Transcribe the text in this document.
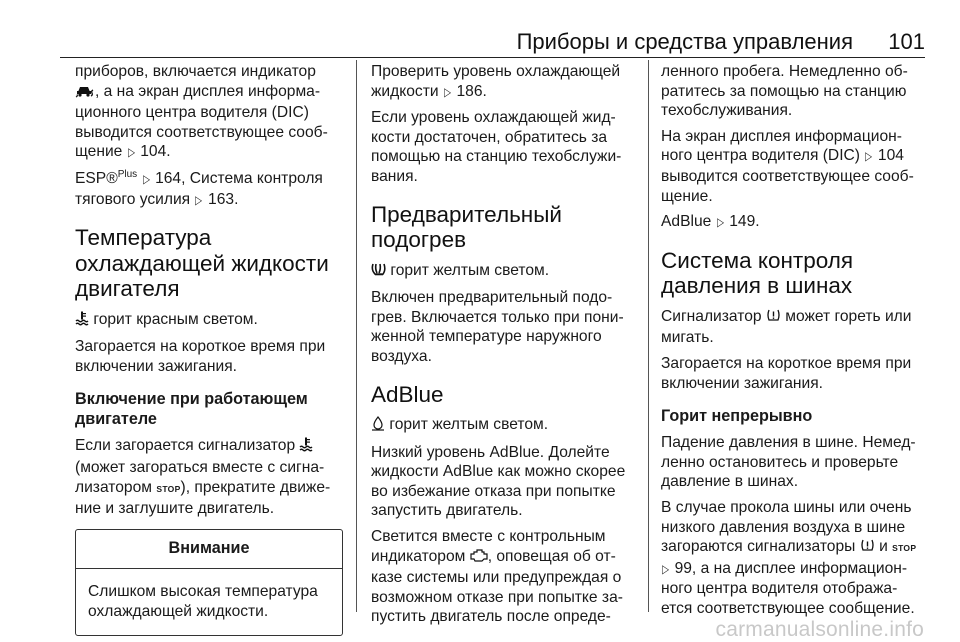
Приборы и средства управления 101

приборов, включается индикатор
, а на экран дисплея информа-
ционного центра водителя (DIC)
выводится соответствующее сооб-
щение ▷ 104.

ESP®$^{Plus}$ ▷ 164, Система контроля
тягового усилия ▷ 163.

Температура
охлаждающей жидкости
двигателя

горит красным светом.

Загорается на короткое время при
включении зажигания.

Включение при работающем
двигателе

Если загорается сигнализатор
(может загораться вместе с сигна-
лизатором STOP), прекратите движе-
ние и заглушите двигатель.

Внимание
Слишком высокая температура
охлаждающей жидкости.

Проверить уровень охлаждающей
жидкости ▷ 186.

Если уровень охлаждающей жид-
кости достаточен, обратитесь за
помощью на станцию техобслужи-
вания.

Предварительный
подогрев

горит желтым светом.

Включен предварительный подо-
грев. Включается только при пони-
женной температуре наружного
воздуха.

AdBlue

горит желтым светом.

Низкий уровень AdBlue. Долейте
жидкости AdBlue как можно скорее
во избежание отказа при попытке
запустить двигатель.

Светится вместе с контрольным
индикатором , оповещая об от-
казе системы или предупреждая о
возможном отказе при попытке за-
пустить двигатель после опреде-

ленного пробега. Немедленно об-
ратитесь за помощью на станцию
техобслуживания.

На экран дисплея информацион-
ного центра водителя (DIC) ▷ 104
выводится соответствующее сооб-
щение.

AdBlue ▷ 149.

Система контроля
давления в шинах

Сигнализатор может гореть или
мигать.

Загорается на короткое время при
включении зажигания.

Горит непрерывно

Падение давления в шине. Немед-
ленно остановитесь и проверьте
давление в шинах.

В случае прокола шины или очень
низкого давления воздуха в шине
загораются сигнализаторы и STOP
▷ 99, а на дисплее информацион-
ного центра водителя отобража-
ется соответствующее сообщение.

carmanualsonline.info
